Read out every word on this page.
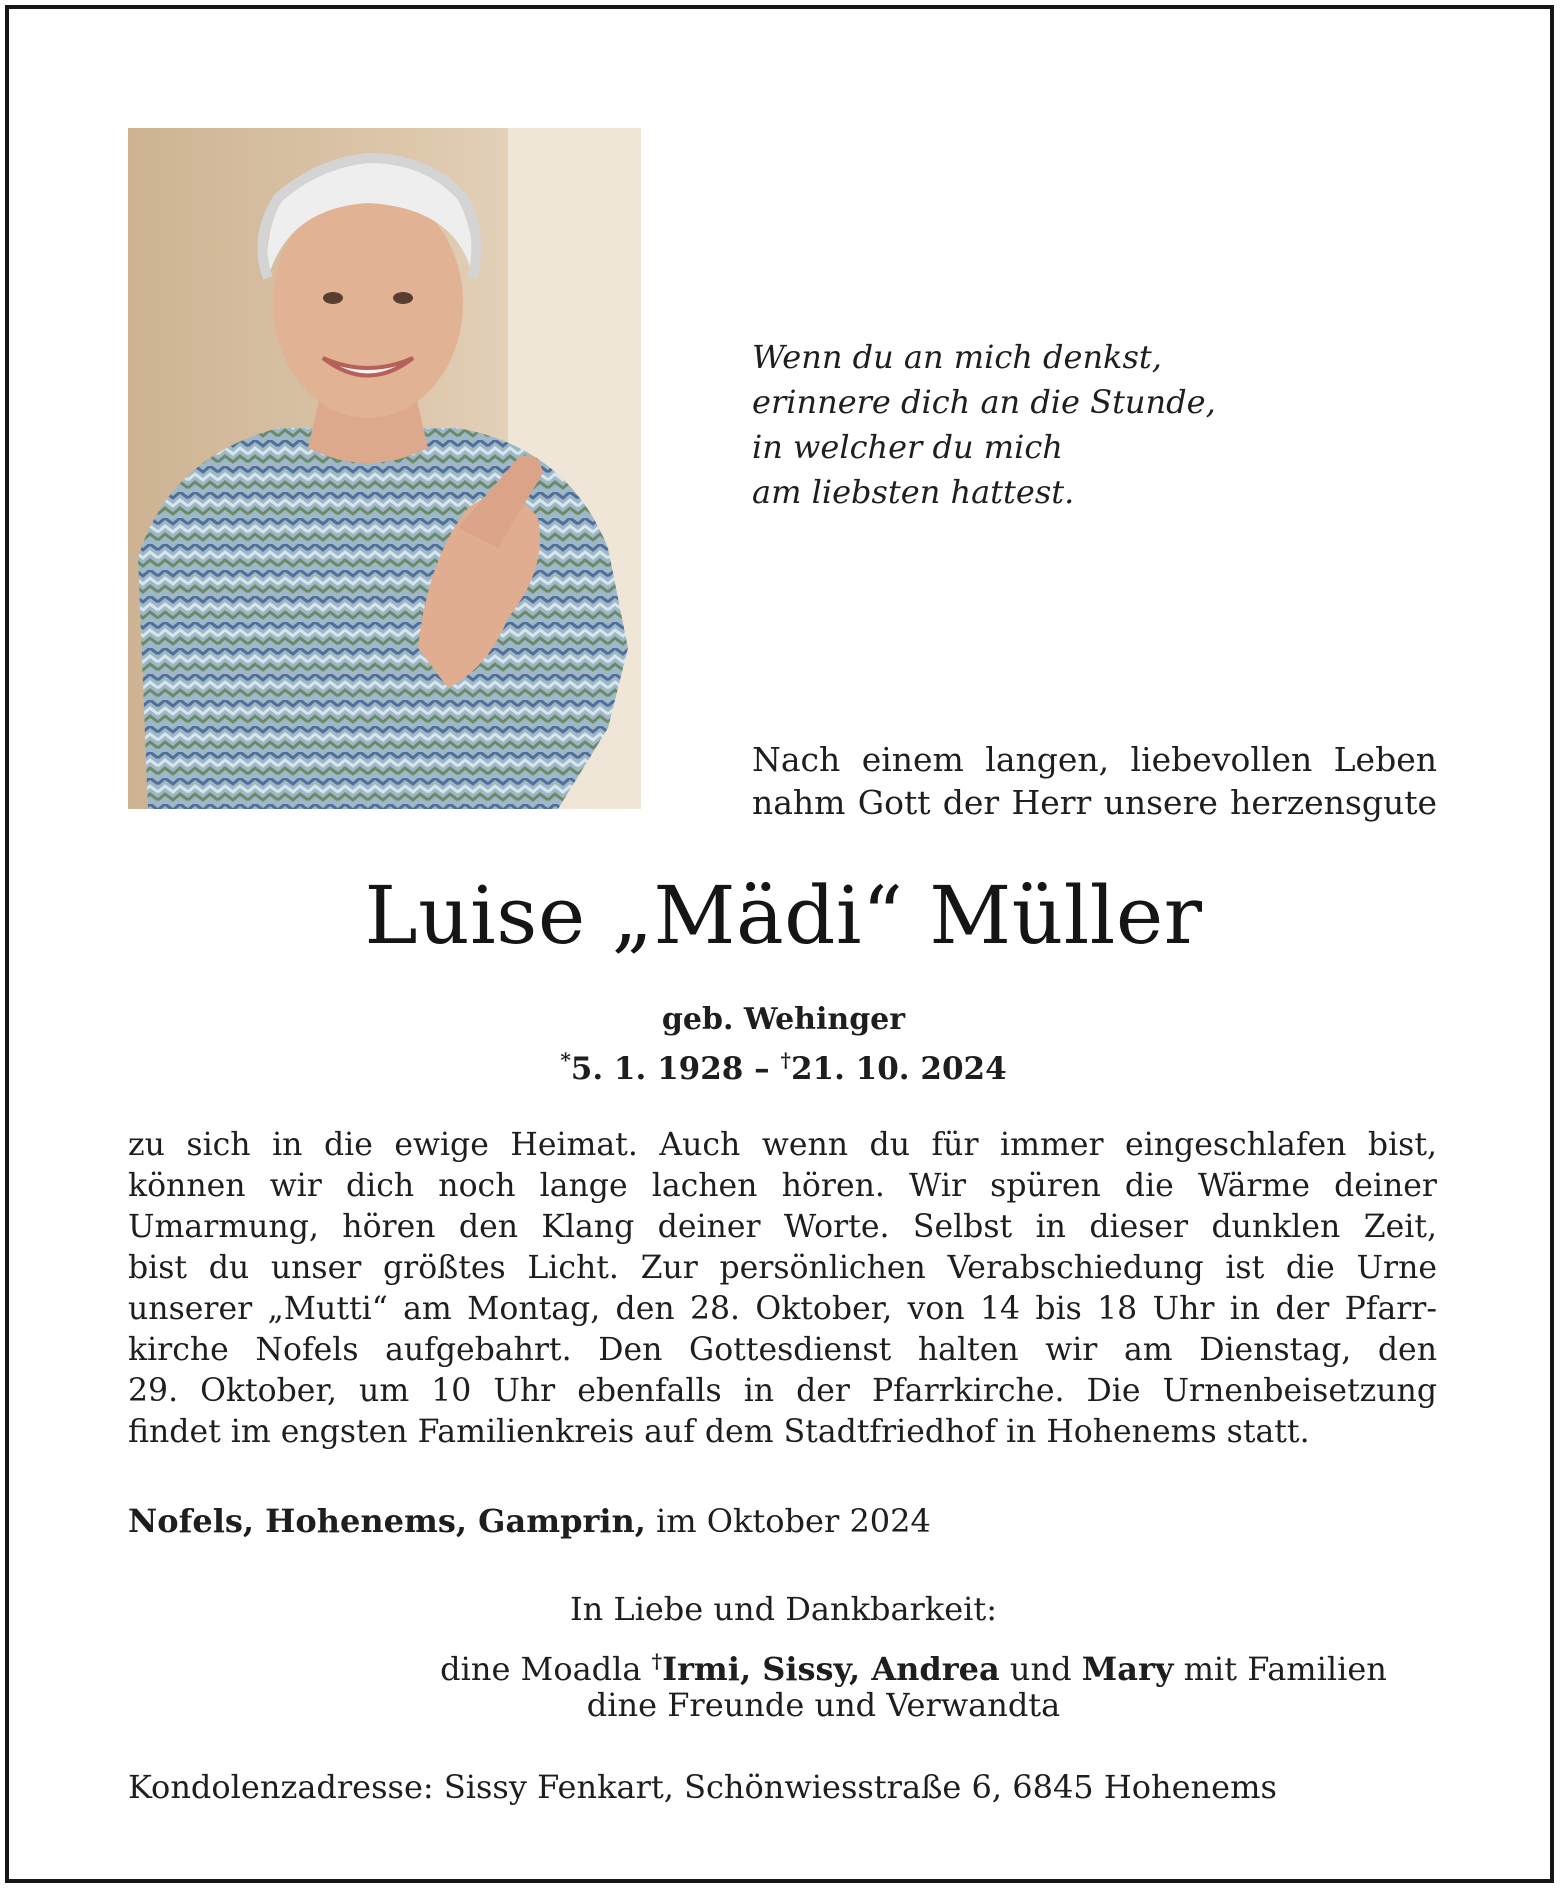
Wenn du an mich denkst,
erinnere dich an die Stunde,
in welcher du mich
am liebsten hattest.
Nach einem langen, liebevollen Leben
nahm Gott der Herr unsere herzensgute
Luise „Mädi“ Müller
geb. Wehinger
*5. 1. 1928 – †21. 10. 2024
zu sich in die ewige Heimat. Auch wenn du für immer eingeschlafen bist,
können wir dich noch lange lachen hören. Wir spüren die Wärme deiner
Umarmung, hören den Klang deiner Worte. Selbst in dieser dunklen Zeit,
bist du unser größtes Licht. Zur persönlichen Verabschiedung ist die Urne
unserer „Mutti“ am Montag, den 28. Oktober, von 14 bis 18 Uhr in der Pfarr-
kirche Nofels aufgebahrt. Den Gottesdienst halten wir am Dienstag, den
29. Oktober, um 10 Uhr ebenfalls in der Pfarrkirche. Die Urnenbeisetzung
findet im engsten Familienkreis auf dem Stadtfriedhof in Hohenems statt.
Nofels, Hohenems, Gamprin, im Oktober 2024
In Liebe und Dankbarkeit:
dine Moadla †Irmi, Sissy, Andrea und Mary mit Familien
dine Freunde und Verwandta
Kondolenzadresse: Sissy Fenkart, Schönwiesstraße 6, 6845 Hohenems
